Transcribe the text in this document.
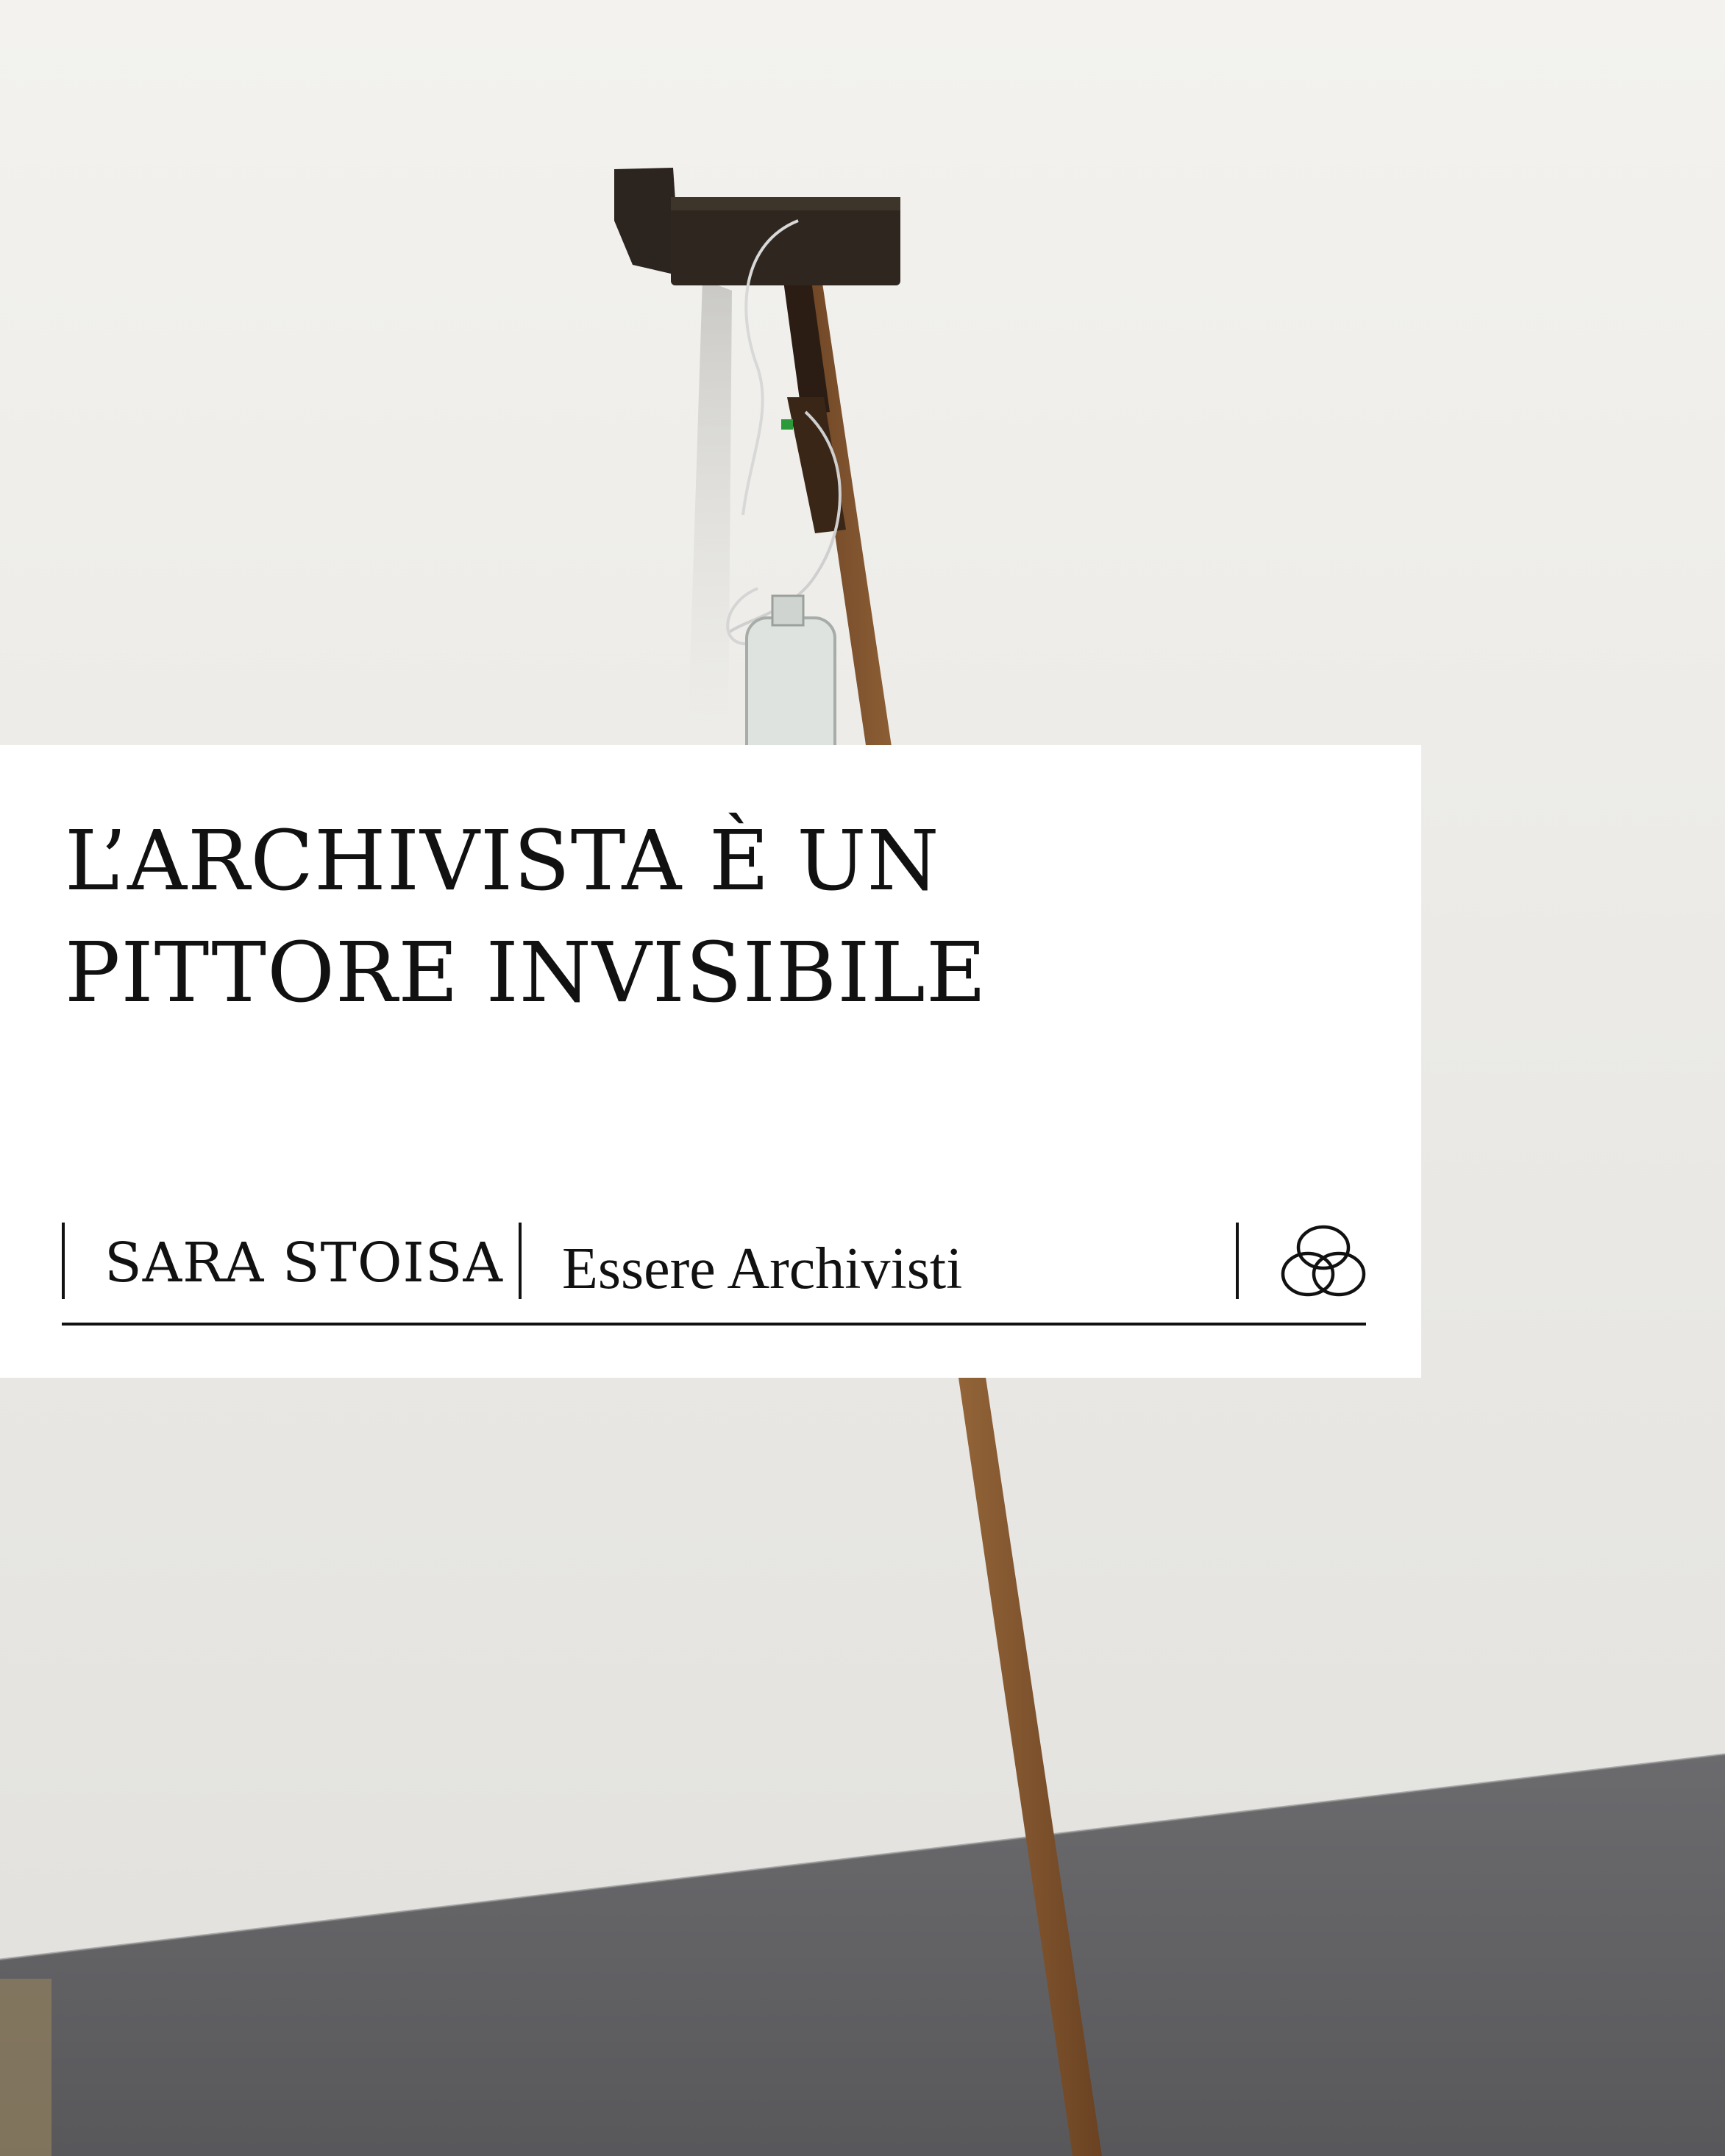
L’ARCHIVISTA È UN
PITTORE INVISIBILE
SARA STOISA Essere Archivisti
